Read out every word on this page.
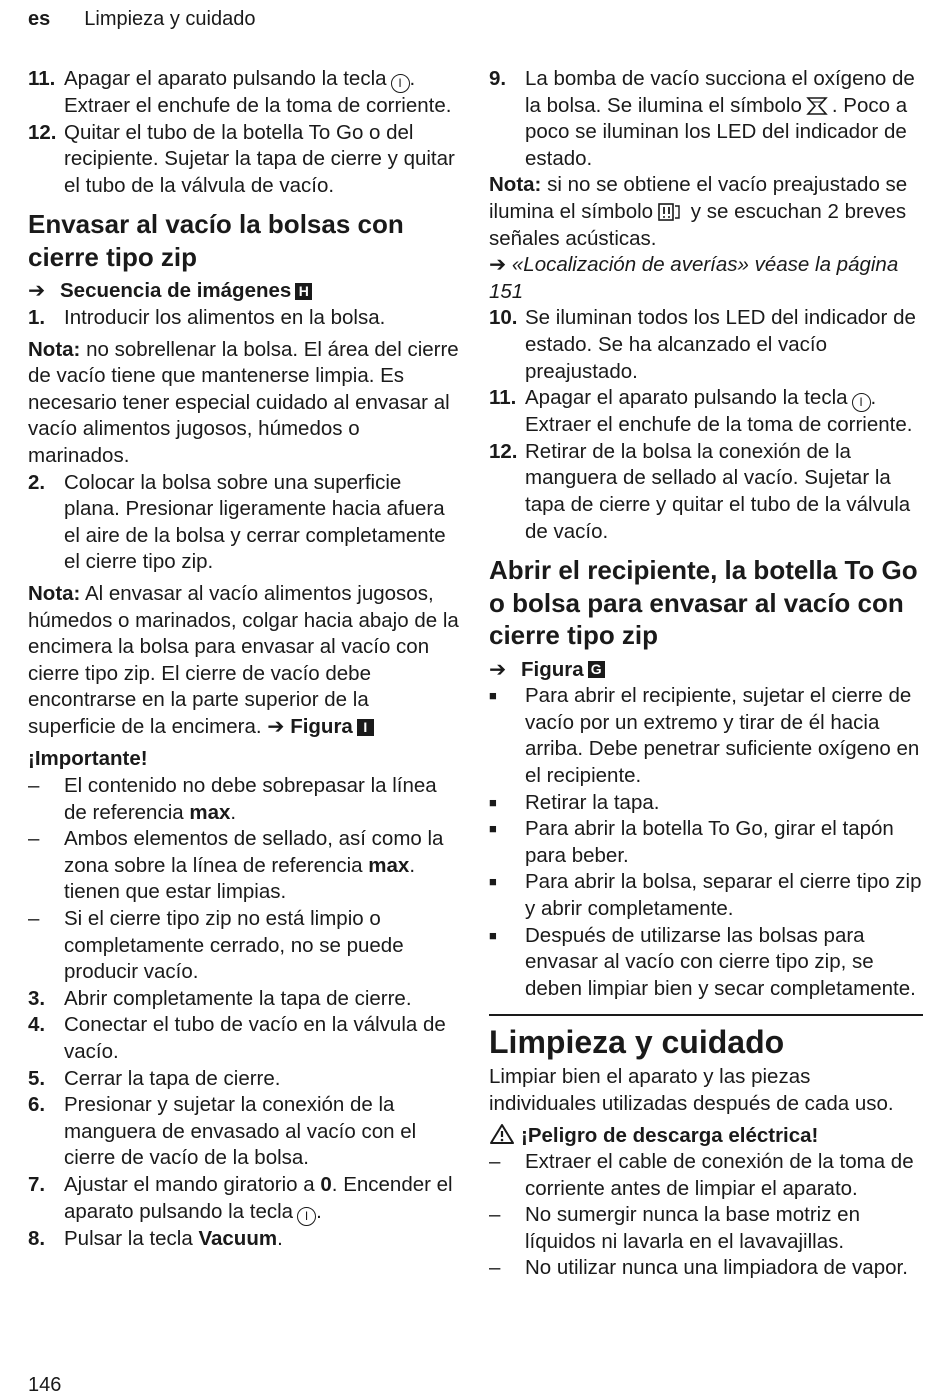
es Limpieza y cuidado
11. Apagar el aparato pulsando la tecla I . Extraer el enchufe de la toma de corriente.
12. Quitar el tubo de la botella To Go o del recipiente. Sujetar la tapa de cierre y quitar el tubo de la válvula de vacío.
Envasar al vacío la bolsas con cierre tipo zip
➔ Secuencia de imágenes H
1. Introducir los alimentos en la bolsa.
Nota: no sobrellenar la bolsa. El área del cierre de vacío tiene que mantenerse limpia. Es necesario tener especial cuidado al envasar al vacío alimentos jugosos, húmedos o marinados.
2. Colocar la bolsa sobre una superficie plana. Presionar ligeramente hacia afuera el aire de la bolsa y cerrar completamente el cierre tipo zip.
Nota: Al envasar al vacío alimentos jugosos, húmedos o marinados, colgar hacia abajo de la encimera la bolsa para envasar al vacío con cierre tipo zip. El cierre de vacío debe encontrarse en la parte superior de la superficie de la encimera. ➔ Figura I
¡Importante!
–	El contenido no debe sobrepasar la línea de referencia max.
–	Ambos elementos de sellado, así como la zona sobre la línea de referencia max. tienen que estar limpias.
–	Si el cierre tipo zip no está limpio o completamente cerrado, no se puede producir vacío.
3. Abrir completamente la tapa de cierre.
4. Conectar el tubo de vacío en la válvula de vacío.
5. Cerrar la tapa de cierre.
6. Presionar y sujetar la conexión de la manguera de envasado al vacío con el cierre de vacío de la bolsa.
7. Ajustar el mando giratorio a 0. Encender el aparato pulsando la tecla I .
8. Pulsar la tecla Vacuum.
9. La bomba de vacío succiona el oxígeno de la bolsa. Se ilumina el símbolo . Poco a poco se iluminan los LED del indicador de estado.
Nota: si no se obtiene el vacío preajustado se ilumina el símbolo y se escuchan 2 breves señales acústicas.
➔ «Localización de averías» véase la página 151
10. Se iluminan todos los LED del indicador de estado. Se ha alcanzado el vacío preajustado.
11. Apagar el aparato pulsando la tecla I . Extraer el enchufe de la toma de corriente.
12. Retirar de la bolsa la conexión de la manguera de sellado al vacío. Sujetar la tapa de cierre y quitar el tubo de la válvula de vacío.
Abrir el recipiente, la botella To Go o bolsa para envasar al vacío con cierre tipo zip
➔ Figura G
■	Para abrir el recipiente, sujetar el cierre de vacío por un extremo y tirar de él hacia arriba. Debe penetrar suficiente oxígeno en el recipiente.
■	Retirar la tapa.
■	Para abrir la botella To Go, girar el tapón para beber.
■	Para abrir la bolsa, separar el cierre tipo zip y abrir completamente.
■	Después de utilizarse las bolsas para envasar al vacío con cierre tipo zip, se deben limpiar bien y secar completamente.
Limpieza y cuidado
Limpiar bien el aparato y las piezas individuales utilizadas después de cada uso.
¡Peligro de descarga eléctrica!
–	Extraer el cable de conexión de la toma de corriente antes de limpiar el aparato.
–	No sumergir nunca la base motriz en líquidos ni lavarla en el lavavajillas.
–	No utilizar nunca una limpiadora de vapor.
146
